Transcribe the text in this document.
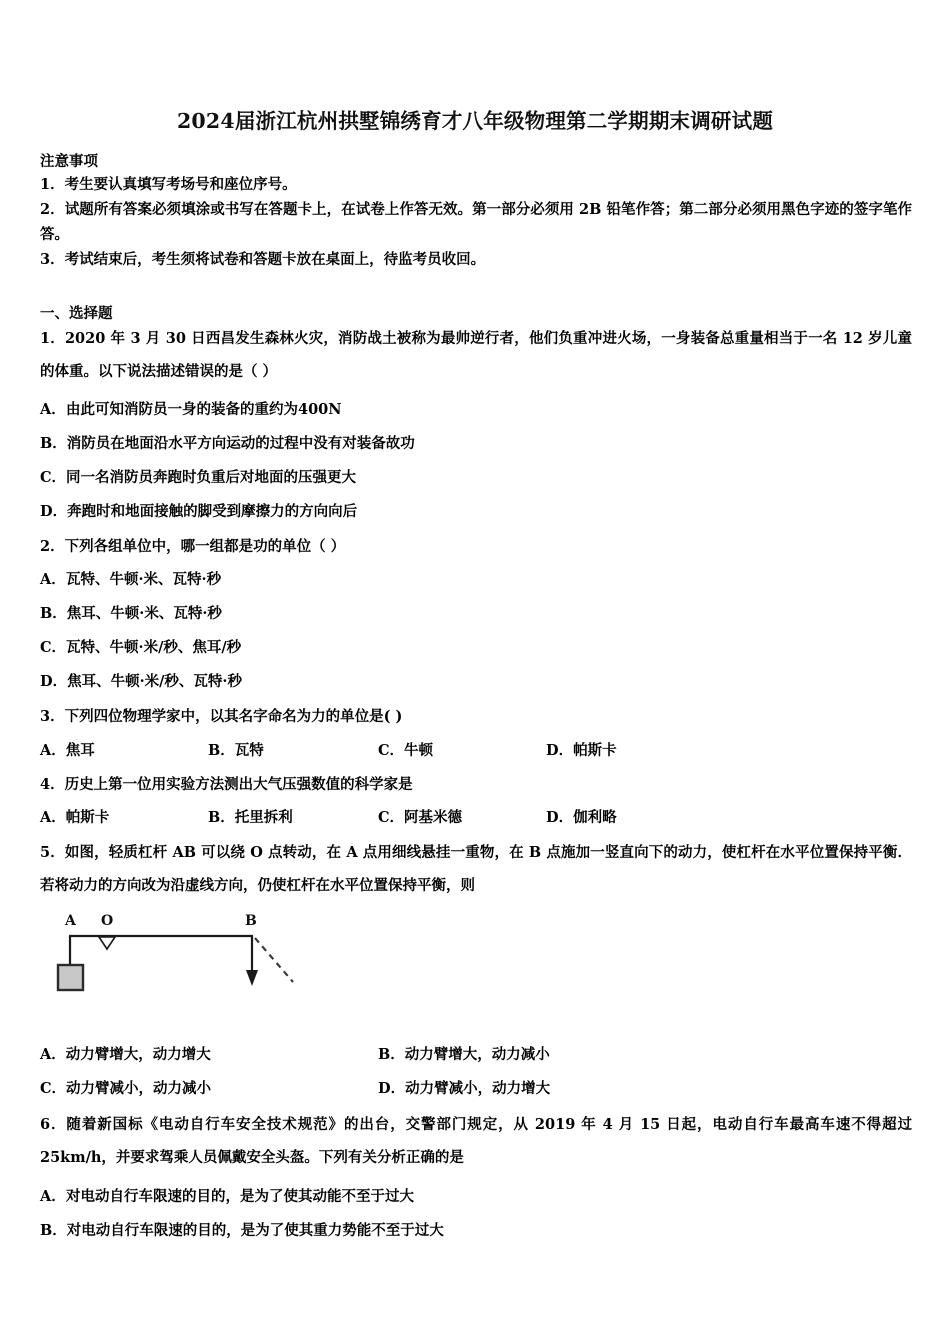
2024届浙江杭州拱墅锦绣育才八年级物理第二学期期末调研试题
注意事项
1．考生要认真填写考场号和座位序号。
2．试题所有答案必须填涂或书写在答题卡上，在试卷上作答无效。第一部分必须用 2B 铅笔作答；第二部分必须用黑色字迹的签字笔作答。
3．考试结束后，考生须将试卷和答题卡放在桌面上，待监考员收回。
一、选择题
1．2020 年 3 月 30 日西昌发生森林火灾，消防战土被称为最帅逆行者，他们负重冲进火场，一身装备总重量相当于一名 12 岁儿童的体重。以下说法描述错误的是（ ）
A．由此可知消防员一身的装备的重约为400N
B．消防员在地面沿水平方向运动的过程中没有对装备故功
C．同一名消防员奔跑时负重后对地面的压强更大
D．奔跑时和地面接触的脚受到摩擦力的方向向后
2．下列各组单位中，哪一组都是功的单位（ ）
A．瓦特、牛顿·米、瓦特·秒
B．焦耳、牛顿·米、瓦特·秒
C．瓦特、牛顿·米/秒、焦耳/秒
D．焦耳、牛顿·米/秒、瓦特·秒
3．下列四位物理学家中，以其名字命名为力的单位是( )
A．焦耳	B．瓦特	C．牛顿	D．帕斯卡
4．历史上第一位用实验方法测出大气压强数值的科学家是
A．帕斯卡	B．托里拆利	C．阿基米德	D．伽利略
5．如图，轻质杠杆 AB 可以绕 O 点转动，在 A 点用细线悬挂一重物，在 B 点施加一竖直向下的动力，使杠杆在水平位置保持平衡．若将动力的方向改为沿虚线方向，仍使杠杆在水平位置保持平衡，则
A O	B
A．动力臂增大，动力增大	B．动力臂增大，动力减小
C．动力臂减小，动力减小	D．动力臂减小，动力增大
6．随着新国标《电动自行车安全技术规范》的出台，交警部门规定，从 2019 年 4 月 15 日起，电动自行车最高车速不得超过 25km/h，并要求驾乘人员佩戴安全头盔。下列有关分析正确的是
A．对电动自行车限速的目的，是为了使其动能不至于过大
B．对电动自行车限速的目的，是为了使其重力势能不至于过大
